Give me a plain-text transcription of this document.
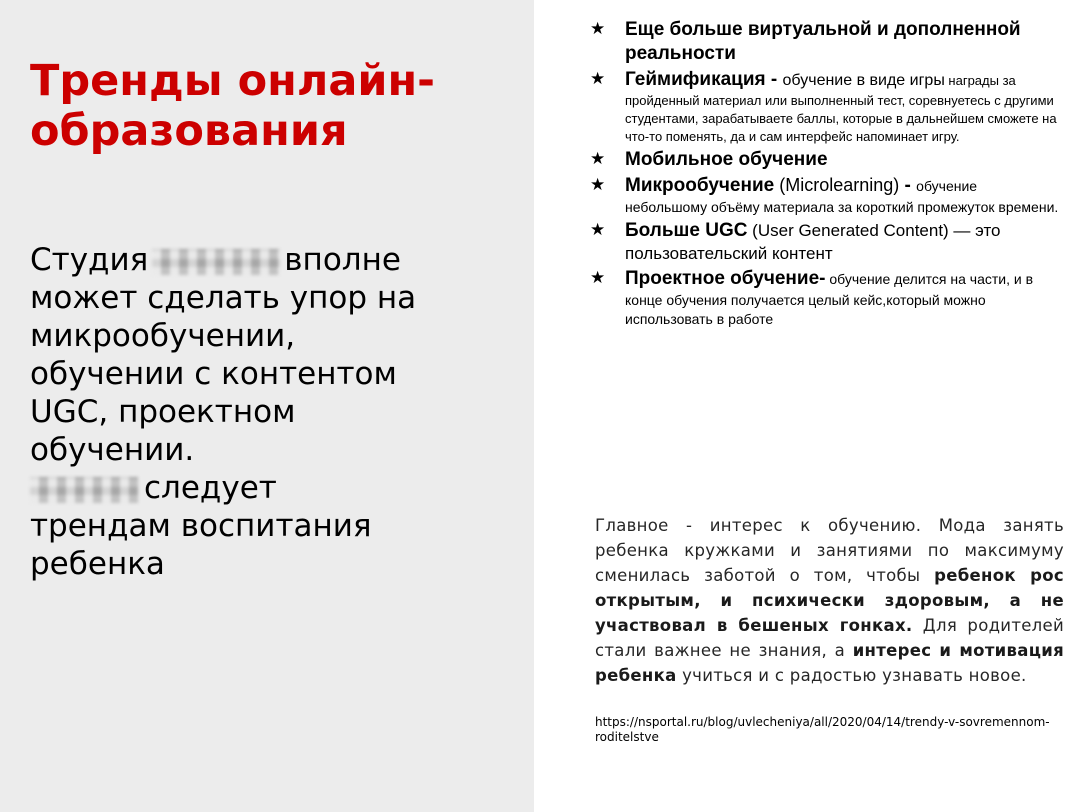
Тренды онлайн-образования

Студия	вполне может сделать упор на микрообучении, обучении с контентом UGC, проектном обучении.
следует трендам воспитания ребенка

★ Еще больше виртуальной и дополненной реальности
★ Геймификация - обучение в виде игры награды за пройденный материал или выполненный тест, соревнуетесь с другими студентами, зарабатываете баллы, которые в дальнейшем сможете на что-то поменять, да и сам интерфейс напоминает игру.
★ Мобильное обучение
★ Микрообучение (Microlearning) - обучение небольшому объёму материала за короткий промежуток времени.
★ Больше UGC (User Generated Content) — это пользовательский контент
★ Проектное обучение- обучение делится на части, и в конце обучения получается целый кейс,который можно использовать в работе

Главное - интерес к обучению. Мода занять ребенка кружками и занятиями по максимуму сменилась заботой о том, чтобы ребенок рос открытым, и психически здоровым, а не участвовал в бешеных гонках. Для родителей стали важнее не знания, а интерес и мотивация ребенка учиться и с радостью узнавать новое.

https://nsportal.ru/blog/uvlecheniya/all/2020/04/14/trendy-v-sovremennom-roditelstve
